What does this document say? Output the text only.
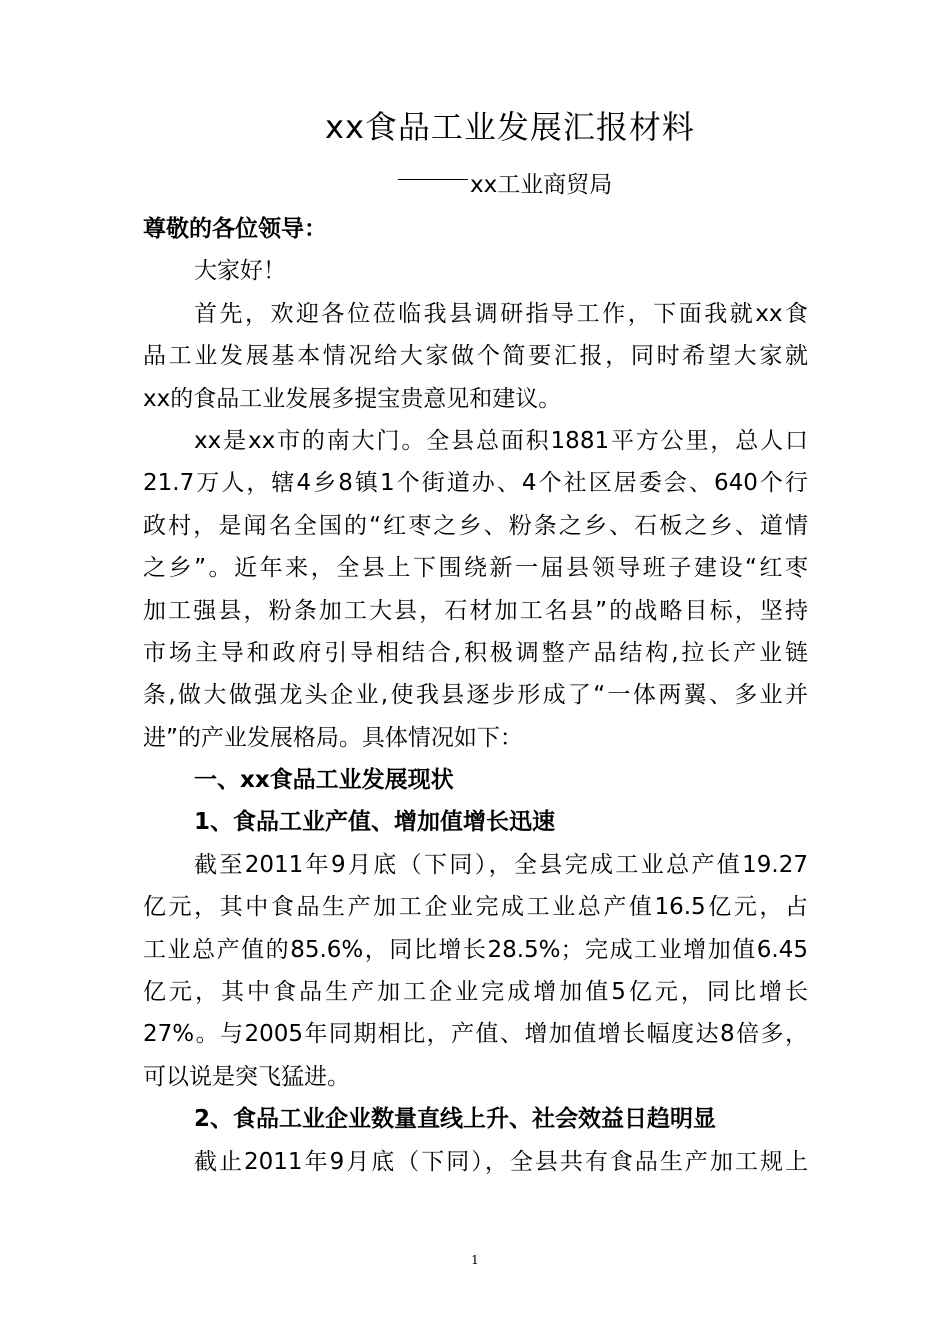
xx食品工业发展汇报材料
xx工业商贸局
尊敬的各位领导：
大家好！
首先，欢迎各位莅临我县调研指导工作，下面我就xx食
品工业发展基本情况给大家做个简要汇报，同时希望大家就
xx的食品工业发展多提宝贵意见和建议。
xx是xx市的南大门。全县总面积1881平方公里，总人口
21.7万人，辖4乡8镇1个街道办、4个社区居委会、640个行
政村，是闻名全国的“红枣之乡、粉条之乡、石板之乡、道情
之乡”。近年来，全县上下围绕新一届县领导班子建设“红枣
加工强县，粉条加工大县，石材加工名县”的战略目标，坚持
市场主导和政府引导相结合,积极调整产品结构,拉长产业链
条,做大做强龙头企业,使我县逐步形成了“一体两翼、多业并
进”的产业发展格局。具体情况如下：
一、xx食品工业发展现状
1、食品工业产值、增加值增长迅速
截至2011年9月底（下同），全县完成工业总产值19.27
亿元，其中食品生产加工企业完成工业总产值16.5亿元，占
工业总产值的85.6%，同比增长28.5%；完成工业增加值6.45
亿元，其中食品生产加工企业完成增加值5亿元，同比增长
27%。与2005年同期相比，产值、增加值增长幅度达8倍多，
可以说是突飞猛进。
2、食品工业企业数量直线上升、社会效益日趋明显
截止2011年9月底（下同），全县共有食品生产加工规上
1
